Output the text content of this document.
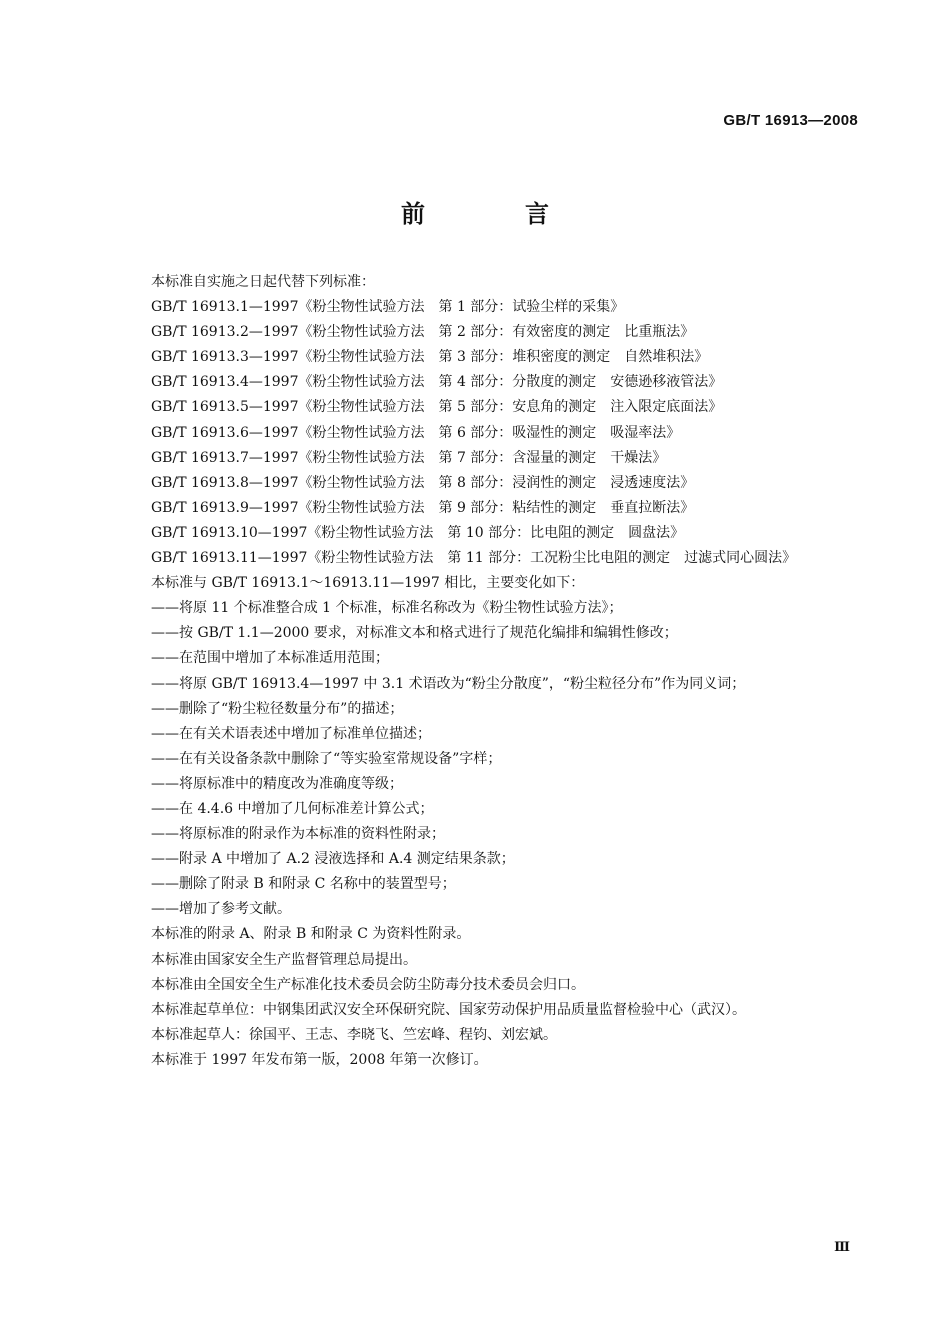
GB/T 16913—2008
前　言
本标准自实施之日起代替下列标准：
GB/T 16913.1—1997《粉尘物性试验方法　第 1 部分：试验尘样的采集》
GB/T 16913.2—1997《粉尘物性试验方法　第 2 部分：有效密度的测定　比重瓶法》
GB/T 16913.3—1997《粉尘物性试验方法　第 3 部分：堆积密度的测定　自然堆积法》
GB/T 16913.4—1997《粉尘物性试验方法　第 4 部分：分散度的测定　安德逊移液管法》
GB/T 16913.5—1997《粉尘物性试验方法　第 5 部分：安息角的测定　注入限定底面法》
GB/T 16913.6—1997《粉尘物性试验方法　第 6 部分：吸湿性的测定　吸湿率法》
GB/T 16913.7—1997《粉尘物性试验方法　第 7 部分：含湿量的测定　干燥法》
GB/T 16913.8—1997《粉尘物性试验方法　第 8 部分：浸润性的测定　浸透速度法》
GB/T 16913.9—1997《粉尘物性试验方法　第 9 部分：粘结性的测定　垂直拉断法》
GB/T 16913.10—1997《粉尘物性试验方法　第 10 部分：比电阻的测定　圆盘法》
GB/T 16913.11—1997《粉尘物性试验方法　第 11 部分：工况粉尘比电阻的测定　过滤式同心圆法》
本标准与 GB/T 16913.1～16913.11—1997 相比，主要变化如下：
——将原 11 个标准整合成 1 个标准，标准名称改为《粉尘物性试验方法》；
——按 GB/T 1.1—2000 要求，对标准文本和格式进行了规范化编排和编辑性修改；
——在范围中增加了本标准适用范围；
——将原 GB/T 16913.4—1997 中 3.1 术语改为“粉尘分散度”，“粉尘粒径分布”作为同义词；
——删除了“粉尘粒径数量分布”的描述；
——在有关术语表述中增加了标准单位描述；
——在有关设备条款中删除了“等实验室常规设备”字样；
——将原标准中的精度改为准确度等级；
——在 4.4.6 中增加了几何标准差计算公式；
——将原标准的附录作为本标准的资料性附录；
——附录 A 中增加了 A.2 浸液选择和 A.4 测定结果条款；
——删除了附录 B 和附录 C 名称中的装置型号；
——增加了参考文献。
本标准的附录 A、附录 B 和附录 C 为资料性附录。
本标准由国家安全生产监督管理总局提出。
本标准由全国安全生产标准化技术委员会防尘防毒分技术委员会归口。
本标准起草单位：中钢集团武汉安全环保研究院、国家劳动保护用品质量监督检验中心（武汉）。
本标准起草人：徐国平、王志、李晓飞、竺宏峰、程钧、刘宏斌。
本标准于 1997 年发布第一版，2008 年第一次修订。
Ⅲ
